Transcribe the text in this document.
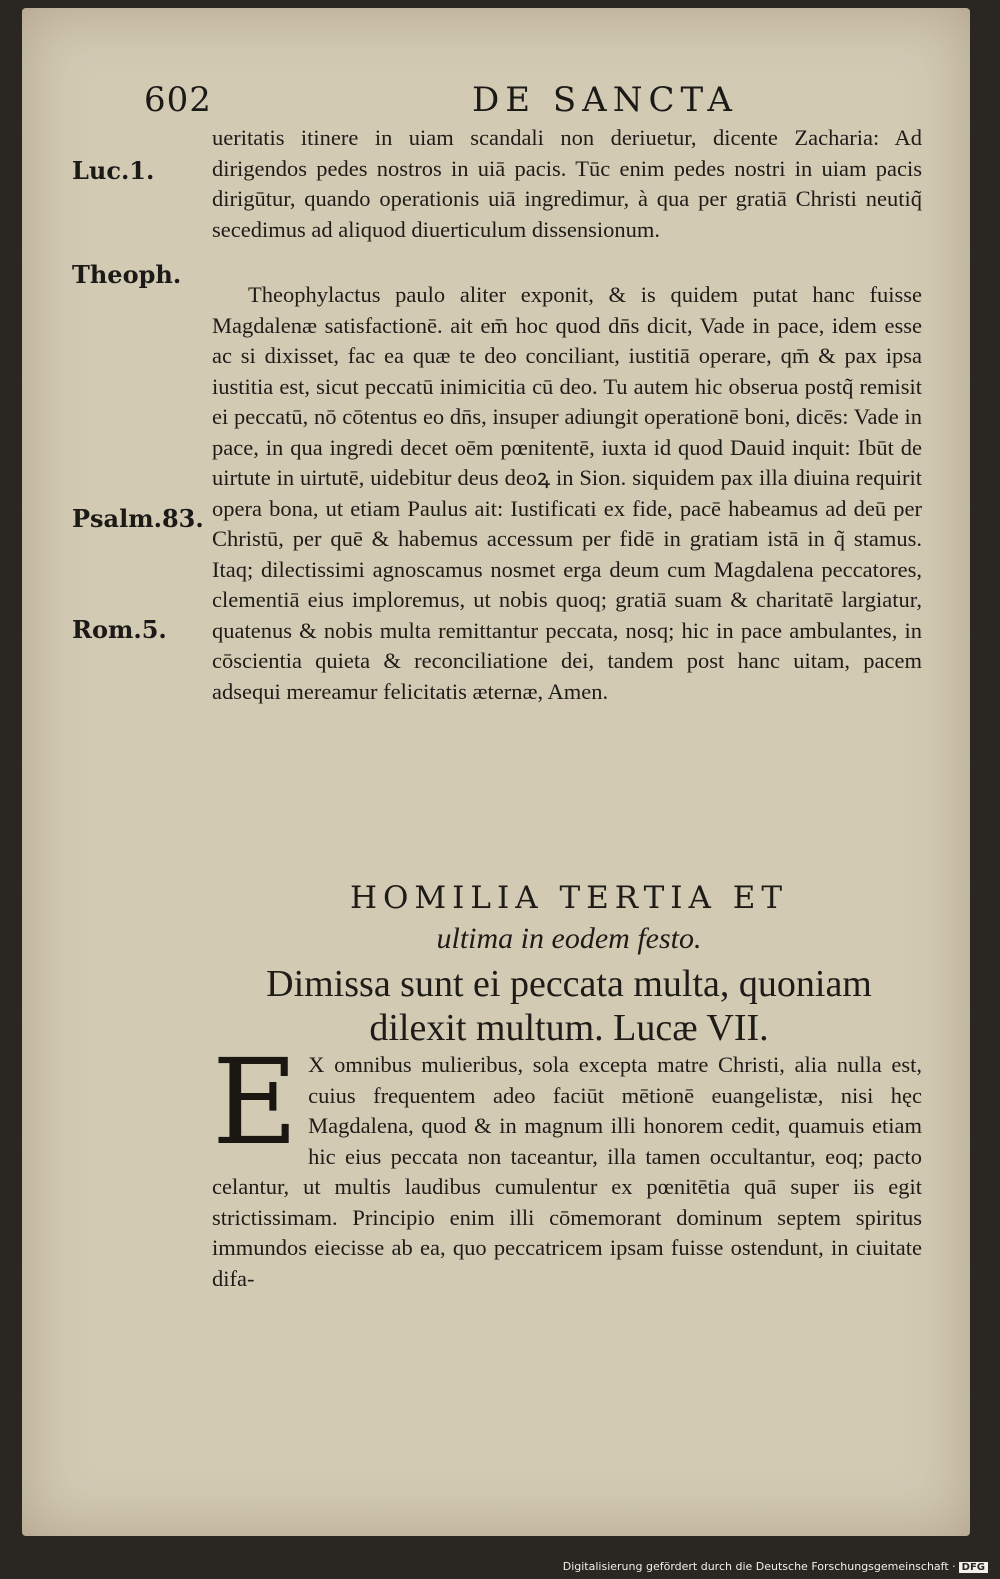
602	DE SANCTA
Luc.1.
Theoph.
Psalm.83.
Rom.5.

ueritatis itinere in uiam scandali non deriuetur, dicente Zacharia: Ad dirigendos pedes nostros in uiā pacis. Tūc enim pedes nostri in uiam pacis dirigūtur, quando operationis uiā ingredimur, à qua per gratiā Christi neutiq̃ secedimus ad aliquod diuerticulum dissensionum.

Theophylactus paulo aliter exponit, & is quidem putat hanc fuisse Magdalenæ satisfactionē. ait em̄ hoc quod dn̄s dicit, Vade in pace, idem esse ac si dixisset, fac ea quæ te deo conciliant, iustitiā operare, qm̄ & pax ipsa iustitia est, sicut peccatū inimicitia cū deo. Tu autem hic obserua postq̃ remisit ei peccatū, nō cōtentus eo dn̄s, insuper adiungit operationē boni, dicēs: Vade in pace, in qua ingredi decet oēm pœnitentē, iuxta id quod Dauid inquit: Ibūt de uirtute in uirtutē, uidebitur deus deoꝝ in Sion. siquidem pax illa diuina requirit opera bona, ut etiam Paulus ait: Iustificati ex fide, pacē habeamus ad deū per Christū, per quē & habemus accessum per fidē in gratiam istā in q̃ stamus. Itaq; dilectissimi agnoscamus nosmet erga deum cum Magdalena peccatores, clementiā eius imploremus, ut nobis quoq; gratiā suam & charitatē largiatur, quatenus & nobis multa remittantur peccata, nosq; hic in pace ambulantes, in cōscientia quieta & reconciliatione dei, tandem post hanc uitam, pacem adsequi mereamur felicitatis æternæ, Amen.

HOMILIA TERTIA ET
ultima in eodem festo.
Dimissa sunt ei peccata multa, quoniam
dilexit multum. Lucæ VII.
E X omnibus mulieribus, sola excepta matre Christi, alia nulla est, cuius frequentem adeo faciūt mētionē euangelistæ, nisi hęc Magdalena, quod & in magnum illi honorem cedit, quamuis etiam hic eius peccata non taceantur, illa tamen occultantur, eoq; pacto celantur, ut multis laudibus cumulentur ex pœnitētia quā super iis egit strictissimam. Principio enim illi cōmemorant dominum septem spiritus immundos eiecisse ab ea, quo peccatricem ipsam fuisse ostendunt, in ciuitate difa-

Digitalisierung gefördert durch die Deutsche Forschungsgemeinschaft · DFG
